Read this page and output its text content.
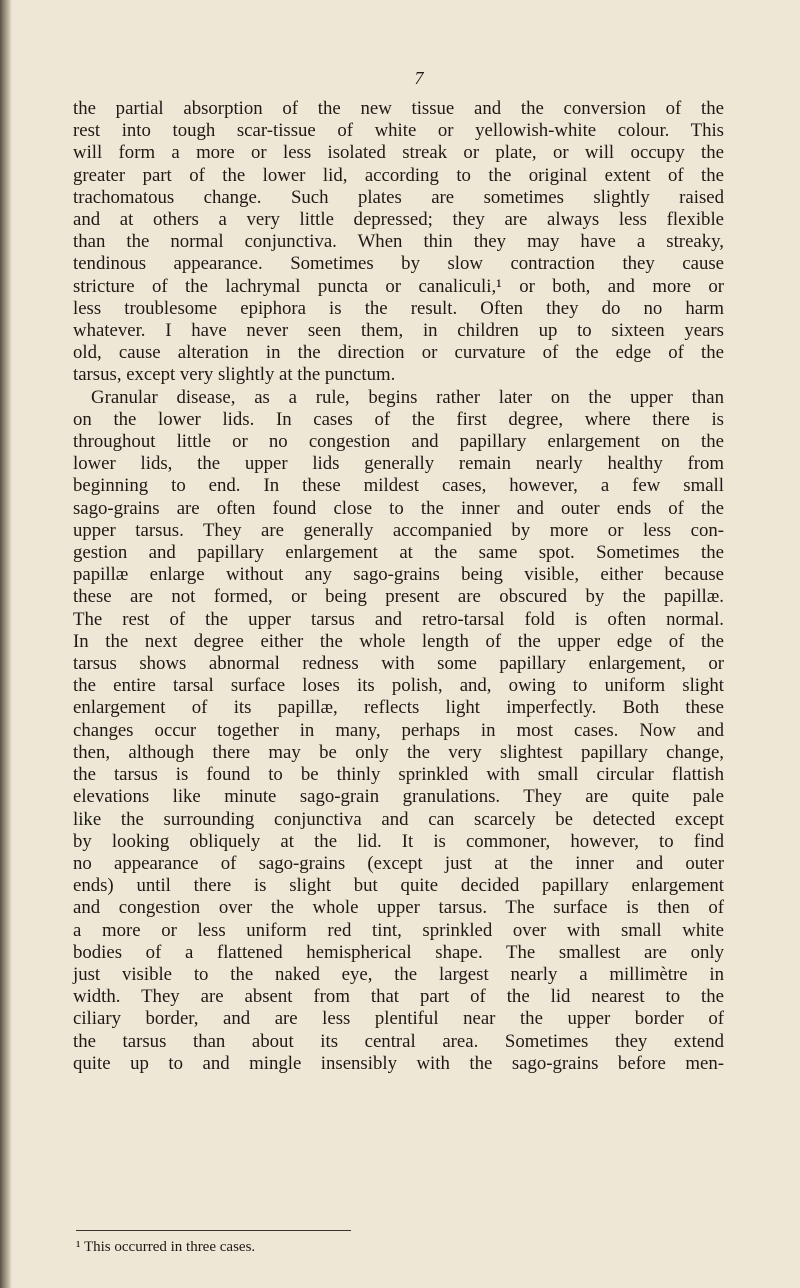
7
the partial absorption of the new tissue and the conversion of the
rest into tough scar-tissue of white or yellowish-white colour. This
will form a more or less isolated streak or plate, or will occupy the
greater part of the lower lid, according to the original extent of the
trachomatous change. Such plates are sometimes slightly raised
and at others a very little depressed; they are always less flexible
than the normal conjunctiva. When thin they may have a streaky,
tendinous appearance. Sometimes by slow contraction they cause
stricture of the lachrymal puncta or canaliculi,¹ or both, and more or
less troublesome epiphora is the result. Often they do no harm
whatever. I have never seen them, in children up to sixteen years
old, cause alteration in the direction or curvature of the edge of the
tarsus, except very slightly at the punctum.
Granular disease, as a rule, begins rather later on the upper than
on the lower lids. In cases of the first degree, where there is
throughout little or no congestion and papillary enlargement on the
lower lids, the upper lids generally remain nearly healthy from
beginning to end. In these mildest cases, however, a few small
sago-grains are often found close to the inner and outer ends of the
upper tarsus. They are generally accompanied by more or less con-
gestion and papillary enlargement at the same spot. Sometimes the
papillæ enlarge without any sago-grains being visible, either because
these are not formed, or being present are obscured by the papillæ.
The rest of the upper tarsus and retro-tarsal fold is often normal.
In the next degree either the whole length of the upper edge of the
tarsus shows abnormal redness with some papillary enlargement, or
the entire tarsal surface loses its polish, and, owing to uniform slight
enlargement of its papillæ, reflects light imperfectly. Both these
changes occur together in many, perhaps in most cases. Now and
then, although there may be only the very slightest papillary change,
the tarsus is found to be thinly sprinkled with small circular flattish
elevations like minute sago-grain granulations. They are quite pale
like the surrounding conjunctiva and can scarcely be detected except
by looking obliquely at the lid. It is commoner, however, to find
no appearance of sago-grains (except just at the inner and outer
ends) until there is slight but quite decided papillary enlargement
and congestion over the whole upper tarsus. The surface is then of
a more or less uniform red tint, sprinkled over with small white
bodies of a flattened hemispherical shape. The smallest are only
just visible to the naked eye, the largest nearly a millimètre in
width. They are absent from that part of the lid nearest to the
ciliary border, and are less plentiful near the upper border of
the tarsus than about its central area. Sometimes they extend
quite up to and mingle insensibly with the sago-grains before men-
¹ This occurred in three cases.
